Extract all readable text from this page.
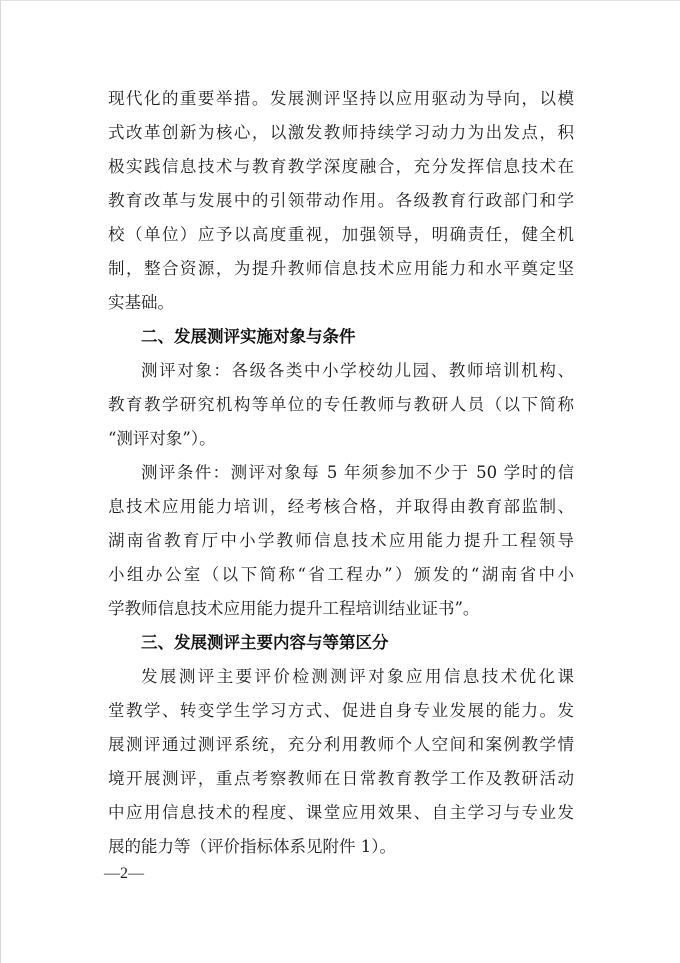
现代化的重要举措。发展测评坚持以应用驱动为导向，以模
式改革创新为核心，以激发教师持续学习动力为出发点，积
极实践信息技术与教育教学深度融合，充分发挥信息技术在
教育改革与发展中的引领带动作用。各级教育行政部门和学
校（单位）应予以高度重视，加强领导，明确责任，健全机
制，整合资源，为提升教师信息技术应用能力和水平奠定坚
实基础。
二、发展测评实施对象与条件
测评对象：各级各类中小学校幼儿园、教师培训机构、
教育教学研究机构等单位的专任教师与教研人员（以下简称
“测评对象”）。
测评条件：测评对象每 5 年须参加不少于 50 学时的信
息技术应用能力培训，经考核合格，并取得由教育部监制、
湖南省教育厅中小学教师信息技术应用能力提升工程领导
小组办公室（以下简称“省工程办”）颁发的“湖南省中小
学教师信息技术应用能力提升工程培训结业证书”。
三、发展测评主要内容与等第区分
发展测评主要评价检测测评对象应用信息技术优化课
堂教学、转变学生学习方式、促进自身专业发展的能力。发
展测评通过测评系统，充分利用教师个人空间和案例教学情
境开展测评，重点考察教师在日常教育教学工作及教研活动
中应用信息技术的程度、课堂应用效果、自主学习与专业发
展的能力等（评价指标体系见附件 1）。
—2—
